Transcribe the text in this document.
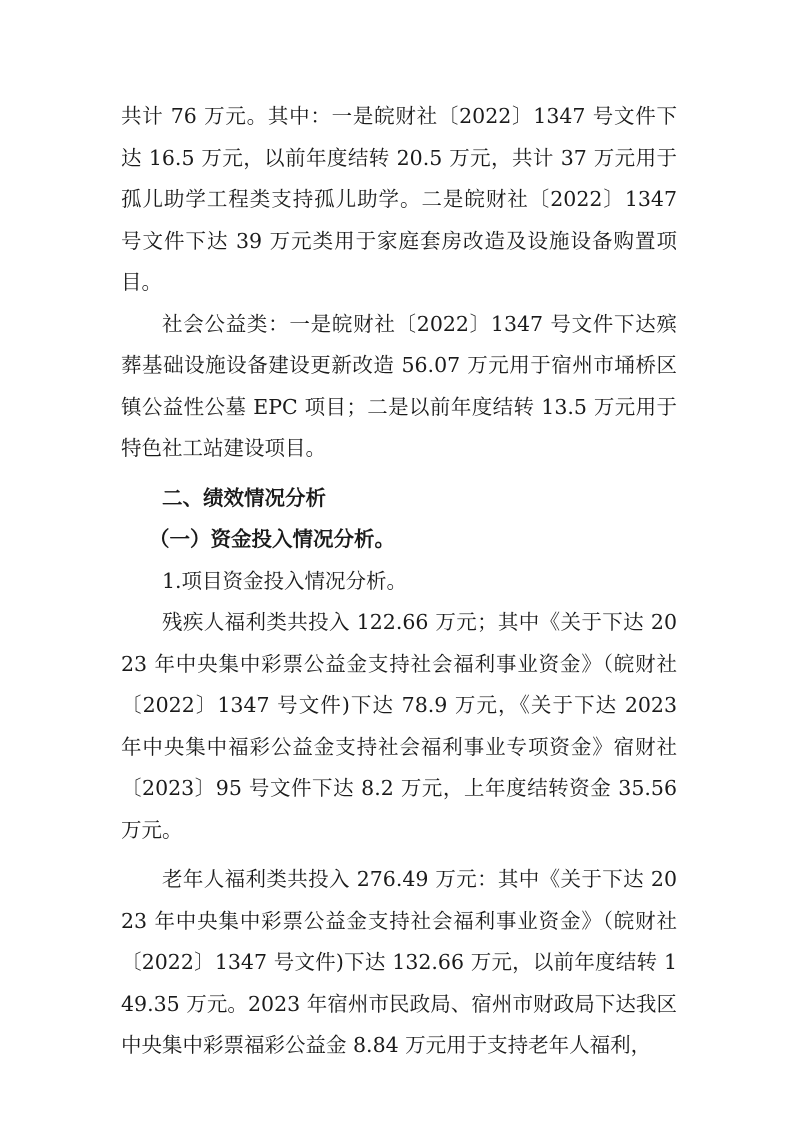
共计 76 万元。其中：一是皖财社〔2022〕1347 号文件下达 16.5 万元，以前年度结转 20.5 万元，共计 37 万元用于孤儿助学工程类支持孤儿助学。二是皖财社〔2022〕1347 号文件下达 39 万元类用于家庭套房改造及设施设备购置项目。

社会公益类：一是皖财社〔2022〕1347 号文件下达殡葬基础设施设备建设更新改造 56.07 万元用于宿州市埇桥区镇公益性公墓 EPC 项目；二是以前年度结转 13.5 万元用于特色社工站建设项目。

二、绩效情况分析

（一）资金投入情况分析。

1.项目资金投入情况分析。

残疾人福利类共投入 122.66 万元；其中《关于下达 2023 年中央集中彩票公益金支持社会福利事业资金》（皖财社〔2022〕1347 号文件)下达 78.9 万元，《关于下达 2023 年中央集中福彩公益金支持社会福利事业专项资金》宿财社〔2023〕95 号文件下达 8.2 万元，上年度结转资金 35.56 万元。

老年人福利类共投入 276.49 万元：其中《关于下达 2023 年中央集中彩票公益金支持社会福利事业资金》（皖财社〔2022〕1347 号文件)下达 132.66 万元，以前年度结转 149.35 万元。2023 年宿州市民政局、宿州市财政局下达我区中央集中彩票福彩公益金 8.84 万元用于支持老年人福利，
